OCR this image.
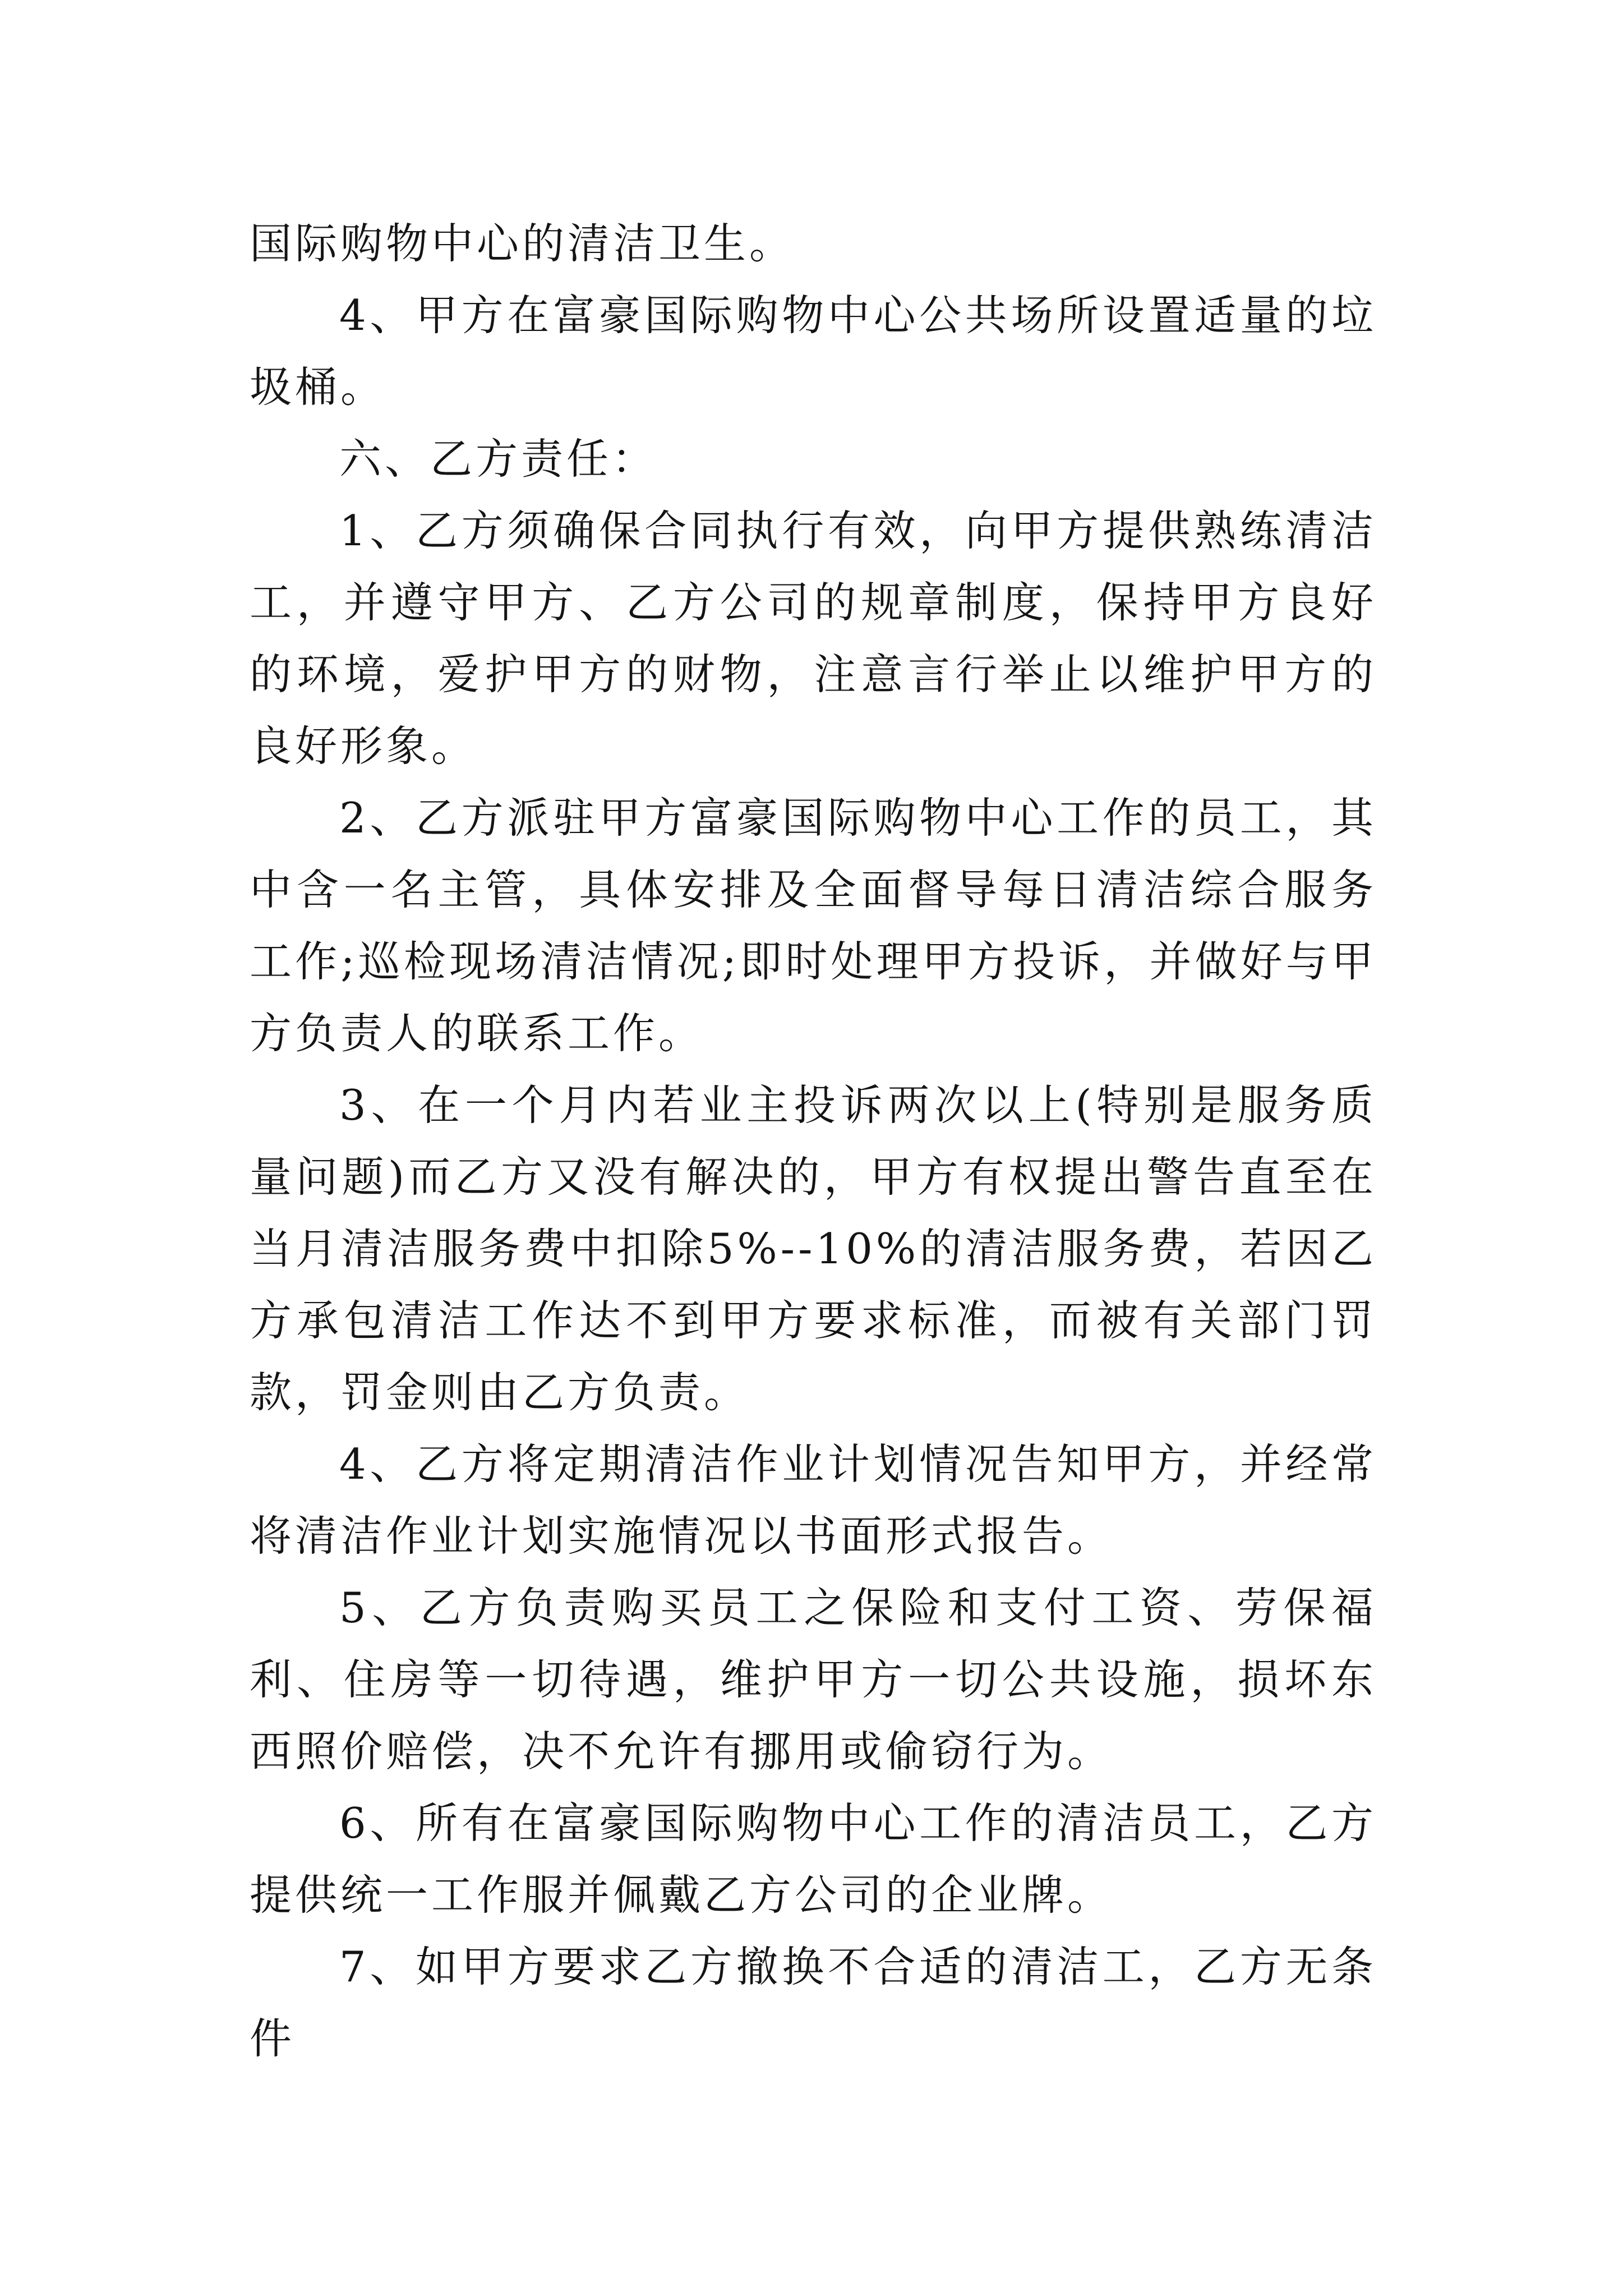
国际购物中心的清洁卫生。

4、甲方在富豪国际购物中心公共场所设置适量的垃圾桶。

六、乙方责任：

1、乙方须确保合同执行有效，向甲方提供熟练清洁工，并遵守甲方、乙方公司的规章制度，保持甲方良好的环境，爱护甲方的财物，注意言行举止以维护甲方的良好形象。

2、乙方派驻甲方富豪国际购物中心工作的员工，其中含一名主管，具体安排及全面督导每日清洁综合服务工作;巡检现场清洁情况;即时处理甲方投诉，并做好与甲方负责人的联系工作。

3、在一个月内若业主投诉两次以上(特别是服务质量问题)而乙方又没有解决的，甲方有权提出警告直至在当月清洁服务费中扣除5%--10%的清洁服务费，若因乙方承包清洁工作达不到甲方要求标准，而被有关部门罚款，罚金则由乙方负责。

4、乙方将定期清洁作业计划情况告知甲方，并经常将清洁作业计划实施情况以书面形式报告。

5、乙方负责购买员工之保险和支付工资、劳保福利、住房等一切待遇，维护甲方一切公共设施，损坏东西照价赔偿，决不允许有挪用或偷窃行为。

6、所有在富豪国际购物中心工作的清洁员工，乙方提供统一工作服并佩戴乙方公司的企业牌。

7、如甲方要求乙方撤换不合适的清洁工，乙方无条件
